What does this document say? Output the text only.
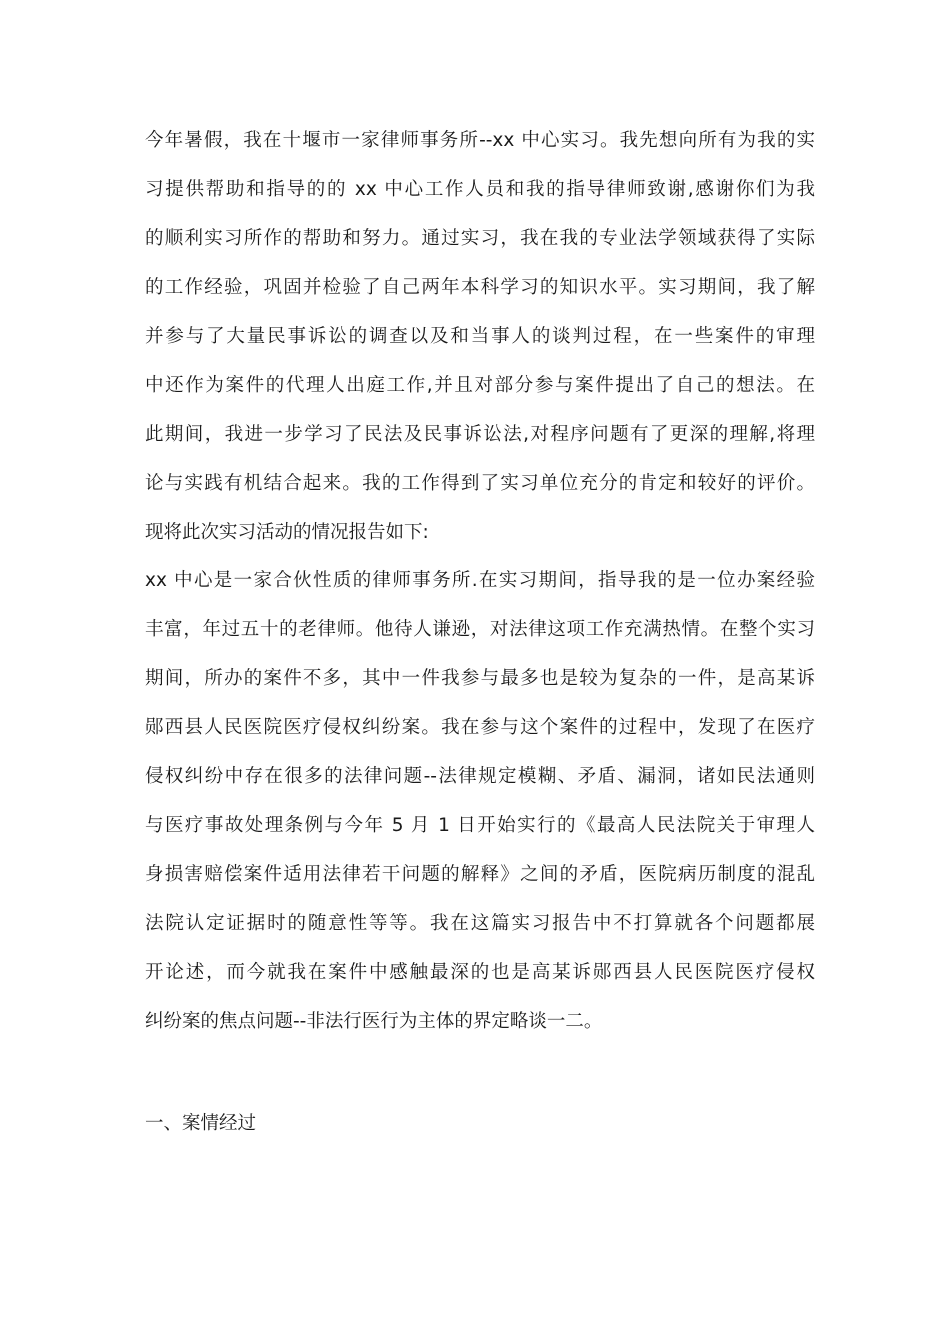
今年暑假，我在十堰市一家律师事务所--xx 中心实习。我先想向所有为我的实
习提供帮助和指导的的 xx 中心工作人员和我的指导律师致谢,感谢你们为我
的顺利实习所作的帮助和努力。通过实习，我在我的专业法学领域获得了实际
的工作经验，巩固并检验了自己两年本科学习的知识水平。实习期间，我了解
并参与了大量民事诉讼的调查以及和当事人的谈判过程，在一些案件的审理
中还作为案件的代理人出庭工作,并且对部分参与案件提出了自己的想法。在
此期间，我进一步学习了民法及民事诉讼法,对程序问题有了更深的理解,将理
论与实践有机结合起来。我的工作得到了实习单位充分的肯定和较好的评价。
现将此次实习活动的情况报告如下:
xx 中心是一家合伙性质的律师事务所.在实习期间，指导我的是一位办案经验
丰富，年过五十的老律师。他待人谦逊，对法律这项工作充满热情。在整个实习
期间，所办的案件不多，其中一件我参与最多也是较为复杂的一件，是高某诉
郧西县人民医院医疗侵权纠纷案。我在参与这个案件的过程中，发现了在医疗
侵权纠纷中存在很多的法律问题--法律规定模糊、矛盾、漏洞，诸如民法通则
与医疗事故处理条例与今年 5 月 1 日开始实行的《最高人民法院关于审理人
身损害赔偿案件适用法律若干问题的解释》之间的矛盾，医院病历制度的混乱
法院认定证据时的随意性等等。我在这篇实习报告中不打算就各个问题都展
开论述，而今就我在案件中感触最深的也是高某诉郧西县人民医院医疗侵权
纠纷案的焦点问题--非法行医行为主体的界定略谈一二。
一、案情经过
